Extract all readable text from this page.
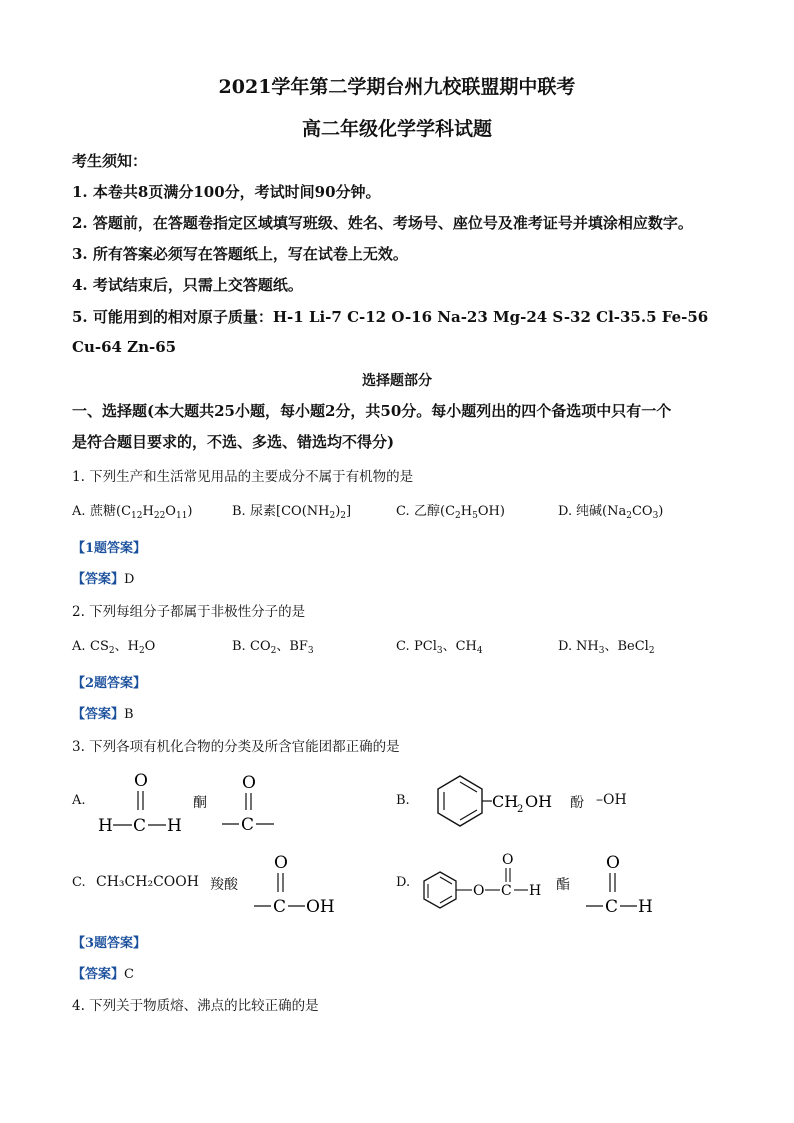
2021学年第二学期台州九校联盟期中联考
高二年级化学学科试题
考生须知：
1. 本卷共8页满分100分，考试时间90分钟。
2. 答题前，在答题卷指定区域填写班级、姓名、考场号、座位号及准考证号并填涂相应数字。
3. 所有答案必须写在答题纸上，写在试卷上无效。
4. 考试结束后，只需上交答题纸。
5. 可能用到的相对原子质量：H-1 Li-7 C-12 O-16 Na-23 Mg-24 S-32 Cl-35.5 Fe-56
Cu-64 Zn-65
选择题部分
一、选择题(本大题共25小题，每小题2分，共50分。每小题列出的四个备选项中只有一个
是符合题目要求的，不选、多选、错选均不得分)
1. 下列生产和生活常见用品的主要成分不属于有机物的是
A. 蔗糖$(C_{12}H_{22}O_{11})$	B. 尿素$[CO(NH_2)_2]$	C. 乙醇$(C_2H_5OH)$	D. 纯碱$(Na_2CO_3)$
【1题答案】
【答案】D
2. 下列每组分子都属于非极性分子的是
A. $CS_2$、$H_2O$	B. $CO_2$、$BF_3$	C. PCl$_3$、$CH_4$	D. $NH_3$、BeCl$_2$
【2题答案】
【答案】B
3. 下列各项有机化合物的分类及所含官能团都正确的是
A.
O
H C H
酮
O
C
B.	CH
2 OH 酚 –OH
C. CH₃CH₂COOH 羧酸
O
C OH
D.
O C
O
H 酯
O
C H
【3题答案】
【答案】C
4. 下列关于物质熔、沸点的比较正确的是
